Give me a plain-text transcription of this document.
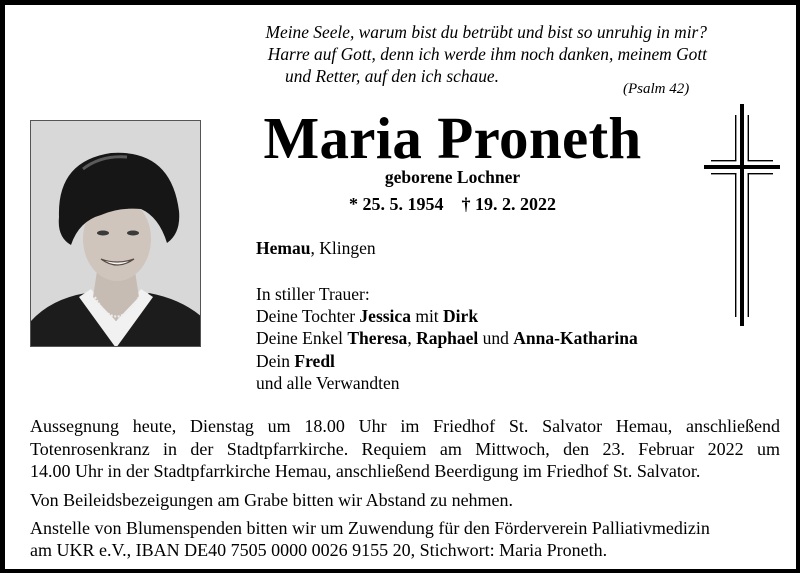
Meine Seele, warum bist du betrübt und bist so unruhig in mir?
Harre auf Gott, denn ich werde ihm noch danken, meinem Gott
und Retter, auf den ich schaue.
(Psalm 42)
Maria Proneth
geborene Lochner
* 25. 5. 1954    † 19. 2. 2022
Hemau, Klingen
In stiller Trauer:
Deine Tochter Jessica mit Dirk
Deine Enkel Theresa, Raphael und Anna-Katharina
Dein Fredl
und alle Verwandten
Aussegnung heute, Dienstag um 18.00 Uhr im Friedhof St. Salvator Hemau, anschließend
Totenrosenkranz in der Stadtpfarrkirche. Requiem am Mittwoch, den 23. Februar 2022 um
14.00 Uhr in der Stadtpfarrkirche Hemau, anschließend Beerdigung im Friedhof St. Salvator.
Von Beileidsbezeigungen am Grabe bitten wir Abstand zu nehmen.
Anstelle von Blumenspenden bitten wir um Zuwendung für den Förderverein Palliativmedizin
am UKR e.V., IBAN DE40 7505 0000 0026 9155 20, Stichwort: Maria Proneth.
